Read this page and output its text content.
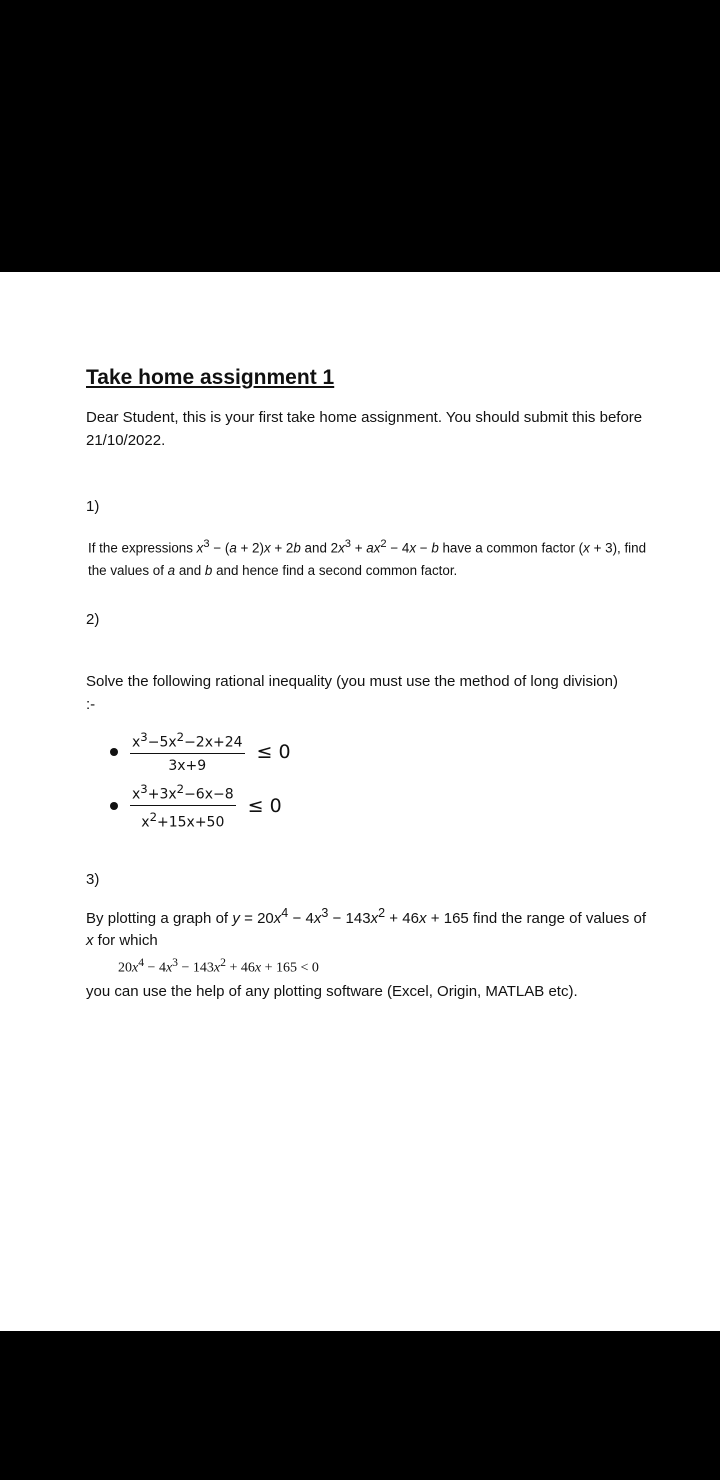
Take home assignment 1

Dear Student, this is your first take home assignment. You should submit this before 21/10/2022.

1)

If the expressions $x^3 - (a + 2)x + 2b$ and $2x^3 + ax^2 - 4x - b$ have a common factor (x + 3), find the values of a and b and hence find a second common factor.

2)

Solve the following rational inequality (you must use the method of long division) :-

$\frac{x^3-5x^2-2x+24}{3x+9} \le 0$
$\frac{x^3+3x^2-6x-8}{x^2+15x+50} \le 0$
3)

By plotting a graph of $y = 20x^4 - 4x^3 - 143x^2 + 46x + 165$ find the range of values of x for which

$20x^4 - 4x^3 - 143x^2 + 46x + 165 < 0$

you can use the help of any plotting software (Excel, Origin, MATLAB etc).
